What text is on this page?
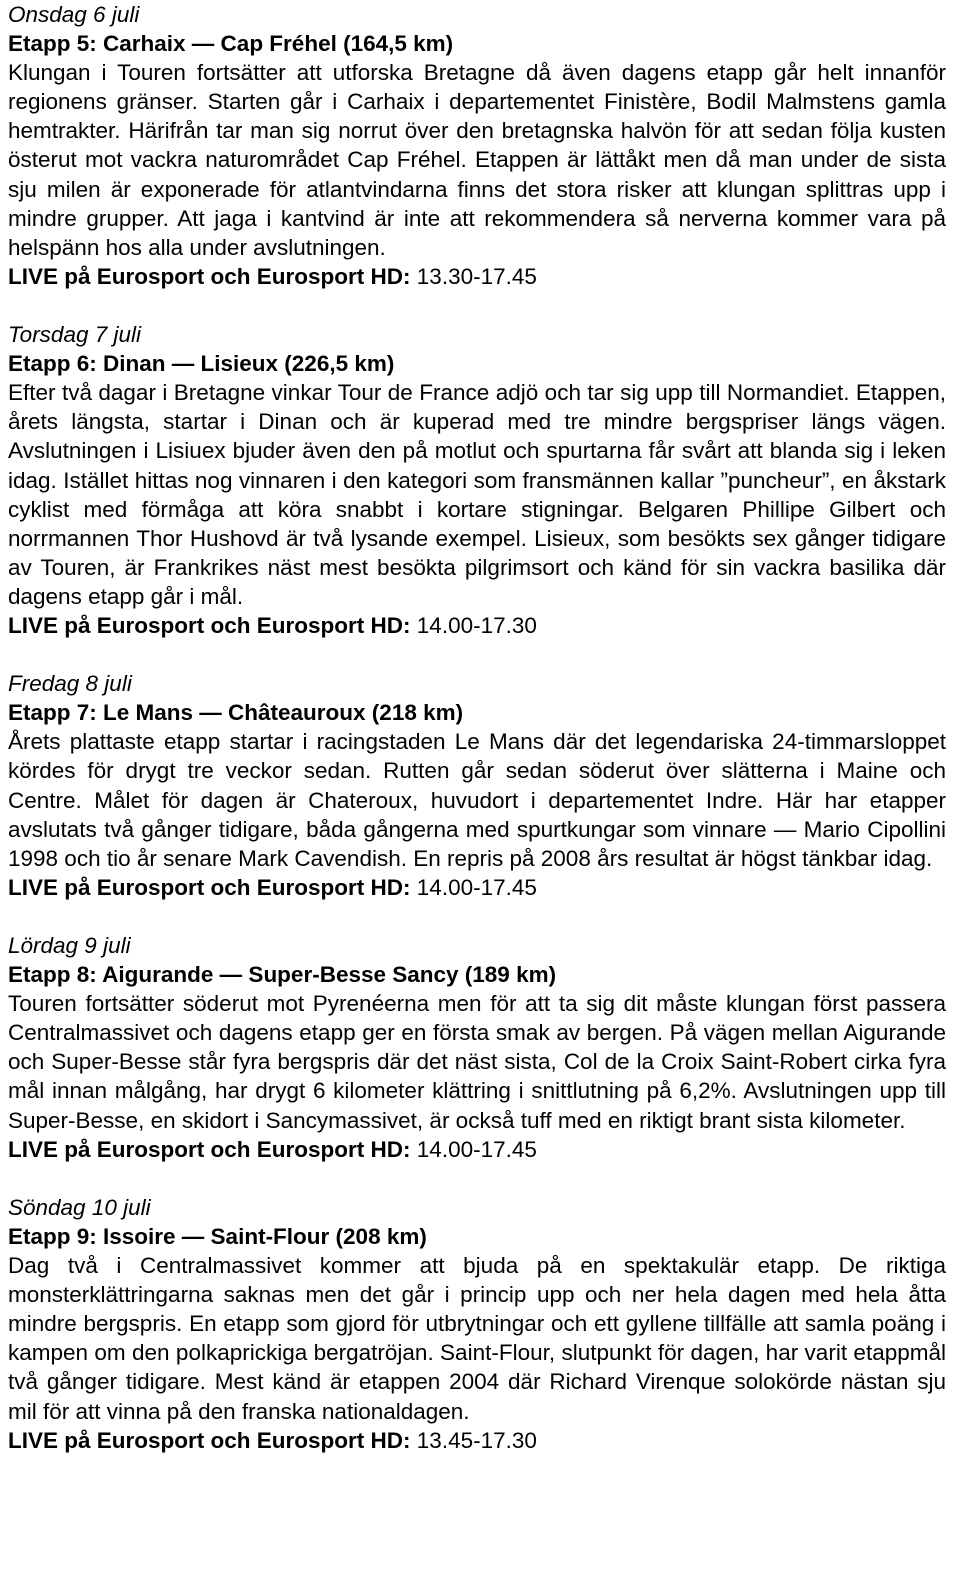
Onsdag 6 juli

Etapp 5: Carhaix — Cap Fréhel (164,5 km)

Klungan i Touren fortsätter att utforska Bretagne då även dagens etapp går helt innanför regionens gränser. Starten går i Carhaix i departementet Finistère, Bodil Malmstens gamla hemtrakter. Härifrån tar man sig norrut över den bretagnska halvön för att sedan följa kusten österut mot vackra naturområdet Cap Fréhel. Etappen är lättåkt men då man under de sista sju milen är exponerade för atlantvindarna finns det stora risker att klungan splittras upp i mindre grupper. Att jaga i kantvind är inte att rekommendera så nerverna kommer vara på helspänn hos alla under avslutningen.

LIVE på Eurosport och Eurosport HD: 13.30-17.45

Torsdag 7 juli

Etapp 6: Dinan — Lisieux (226,5 km)

Efter två dagar i Bretagne vinkar Tour de France adjö och tar sig upp till Normandiet. Etappen, årets längsta, startar i Dinan och är kuperad med tre mindre bergspriser längs vägen. Avslutningen i Lisiuex bjuder även den på motlut och spurtarna får svårt att blanda sig i leken idag. Istället hittas nog vinnaren i den kategori som fransmännen kallar ”puncheur”, en åkstark cyklist med förmåga att köra snabbt i kortare stigningar. Belgaren Phillipe Gilbert och norrmannen Thor Hushovd är två lysande exempel. Lisieux, som besökts sex gånger tidigare av Touren, är Frankrikes näst mest besökta pilgrimsort och känd för sin vackra basilika där dagens etapp går i mål.

LIVE på Eurosport och Eurosport HD: 14.00-17.30

Fredag 8 juli

Etapp 7: Le Mans — Châteauroux (218 km)

Årets plattaste etapp startar i racingstaden Le Mans där det legendariska 24-timmarsloppet kördes för drygt tre veckor sedan. Rutten går sedan söderut över slätterna i Maine och Centre. Målet för dagen är Chateroux, huvudort i departementet Indre. Här har etapper avslutats två gånger tidigare, båda gångerna med spurtkungar som vinnare — Mario Cipollini 1998 och tio år senare Mark Cavendish. En repris på 2008 års resultat är högst tänkbar idag.

LIVE på Eurosport och Eurosport HD: 14.00-17.45

Lördag 9 juli

Etapp 8: Aigurande — Super-Besse Sancy (189 km)

Touren fortsätter söderut mot Pyrenéerna men för att ta sig dit måste klungan först passera Centralmassivet och dagens etapp ger en första smak av bergen. På vägen mellan Aigurande och Super-Besse står fyra bergspris där det näst sista, Col de la Croix Saint-Robert cirka fyra mål innan målgång, har drygt 6 kilometer klättring i snittlutning på 6,2%. Avslutningen upp till Super-Besse, en skidort i Sancymassivet, är också tuff med en riktigt brant sista kilometer.

LIVE på Eurosport och Eurosport HD: 14.00-17.45

Söndag 10 juli

Etapp 9: Issoire — Saint-Flour (208 km)

Dag två i Centralmassivet kommer att bjuda på en spektakulär etapp. De riktiga monsterklättringarna saknas men det går i princip upp och ner hela dagen med hela åtta mindre bergspris. En etapp som gjord för utbrytningar och ett gyllene tillfälle att samla poäng i kampen om den polkaprickiga bergatröjan. Saint-Flour, slutpunkt för dagen, har varit etappmål två gånger tidigare. Mest känd är etappen 2004 där Richard Virenque solokörde nästan sju mil för att vinna på den franska nationaldagen.

LIVE på Eurosport och Eurosport HD: 13.45-17.30
